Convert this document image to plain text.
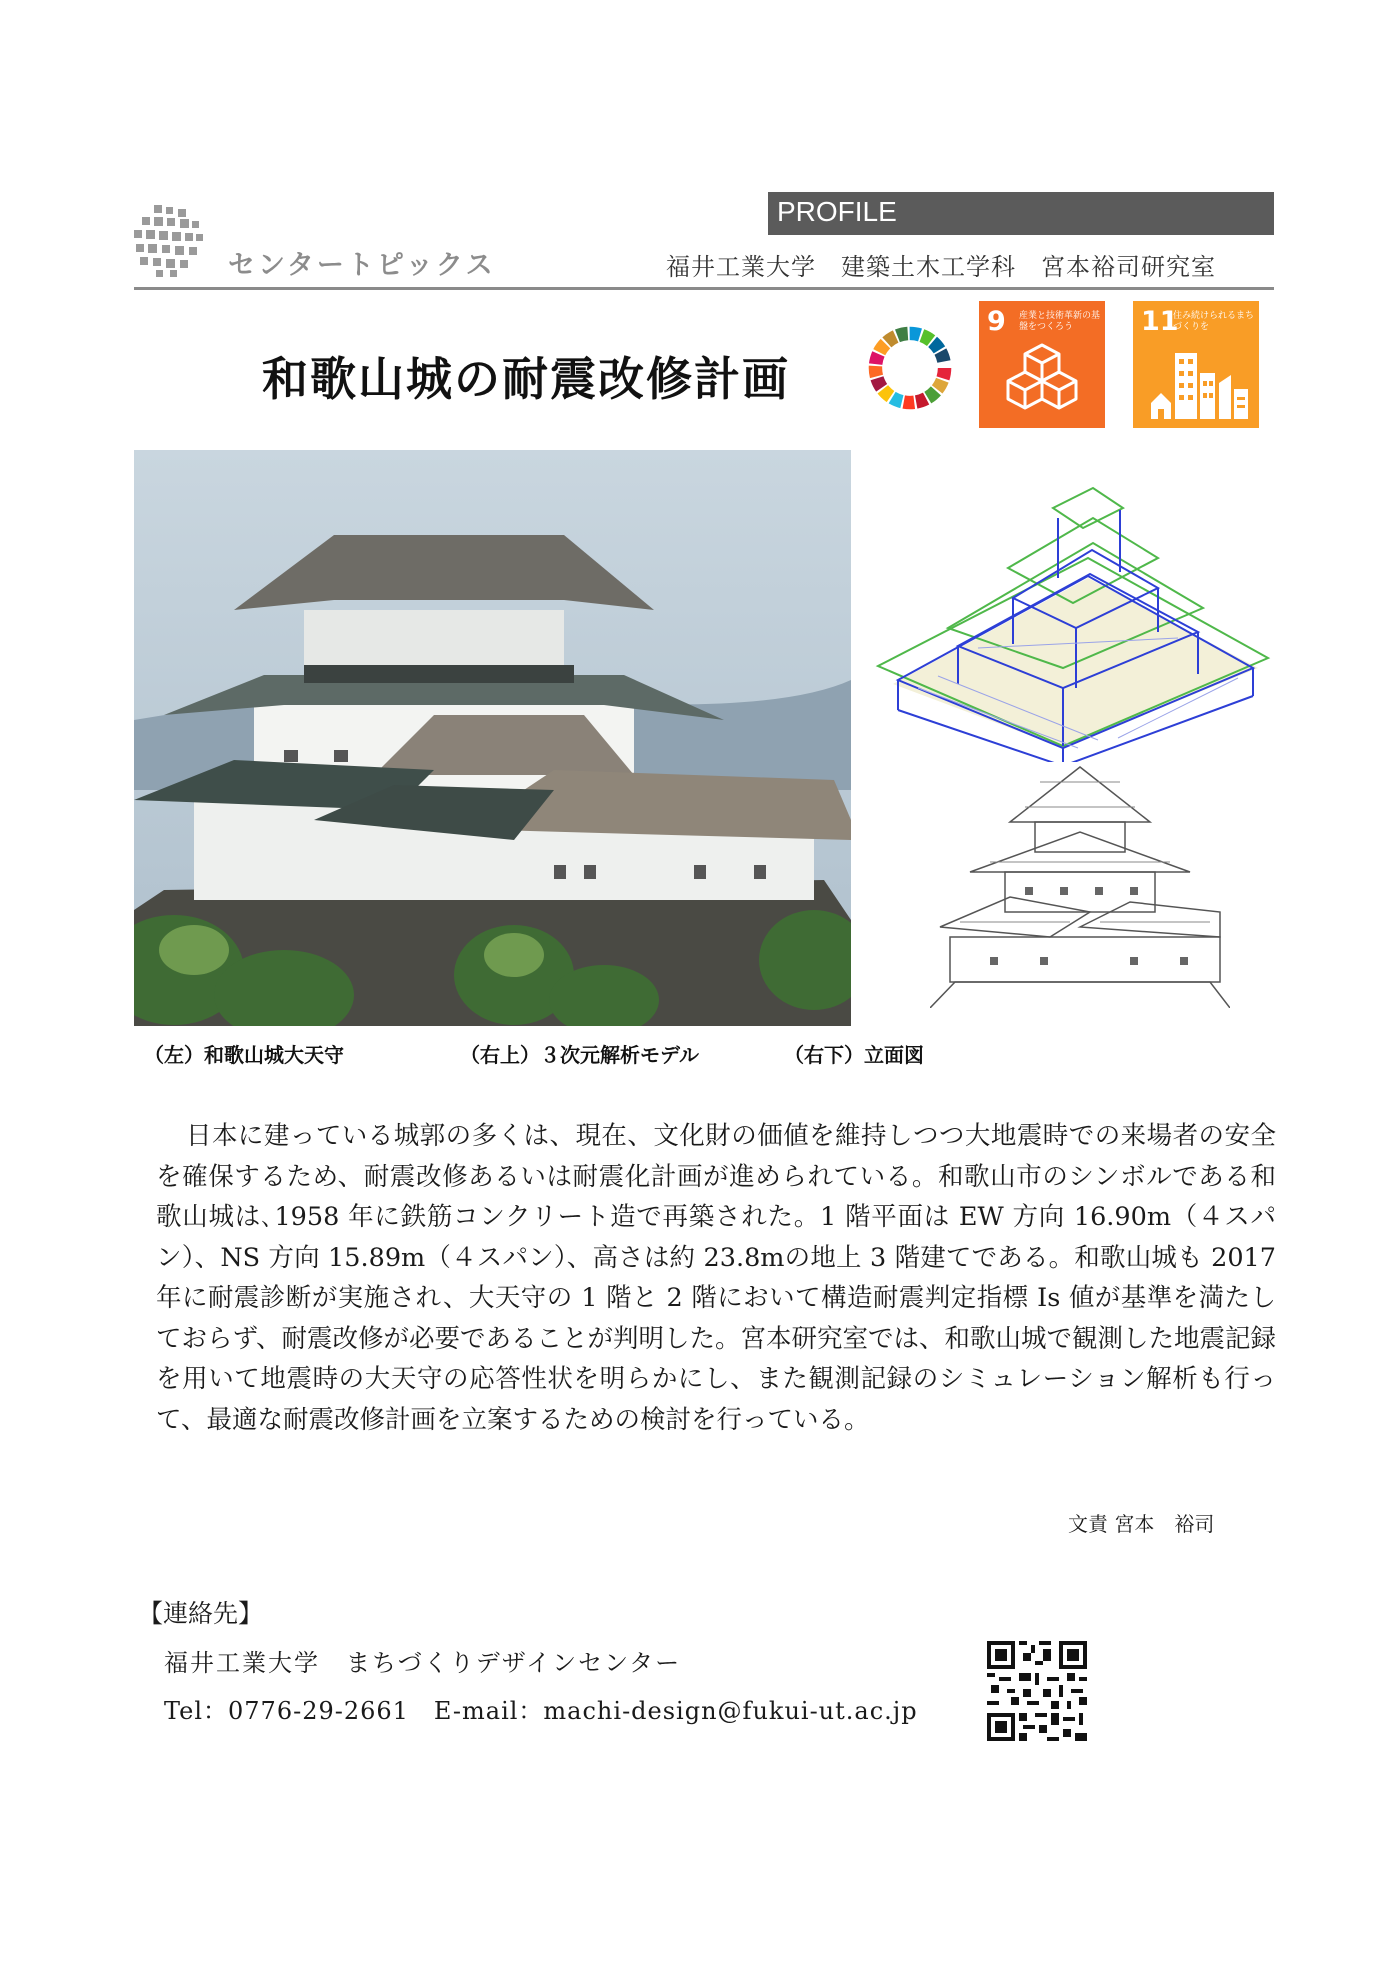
センタートピックス
PROFILE
福井工業大学　建築土木工学科　宮本裕司研究室
和歌山城の耐震改修計画
9 産業と技術革新の基盤をつくろう	11
住み続けられるまちづくりを
（左）和歌山城大天守	（右上）３次元解析モデル	（右下）立面図

日本に建っている城郭の多くは、現在、文化財の価値を維持しつつ大地震時での来場者の安全を確保するため、耐震改修あるいは耐震化計画が進められている。和歌山市のシンボルである和歌山城は､1958 年に鉄筋コンクリート造で再築された。1 階平面は EW 方向 16.90m（４スパン）、NS 方向 15.89m（４スパン）、高さは約 23.8mの地上 3 階建てである。和歌山城も 2017 年に耐震診断が実施され、大天守の 1 階と 2 階において構造耐震判定指標 Is 値が基準を満たしておらず、耐震改修が必要であることが判明した。宮本研究室では、和歌山城で観測した地震記録を用いて地震時の大天守の応答性状を明らかにし、また観測記録のシミュレーション解析も行って、最適な耐震改修計画を立案するための検討を行っている。

文責 宮本　裕司
【連絡先】
福井工業大学　まちづくりデザインセンター
Tel：0776-29-2661　E-mail：machi-design@fukui-ut.ac.jp
